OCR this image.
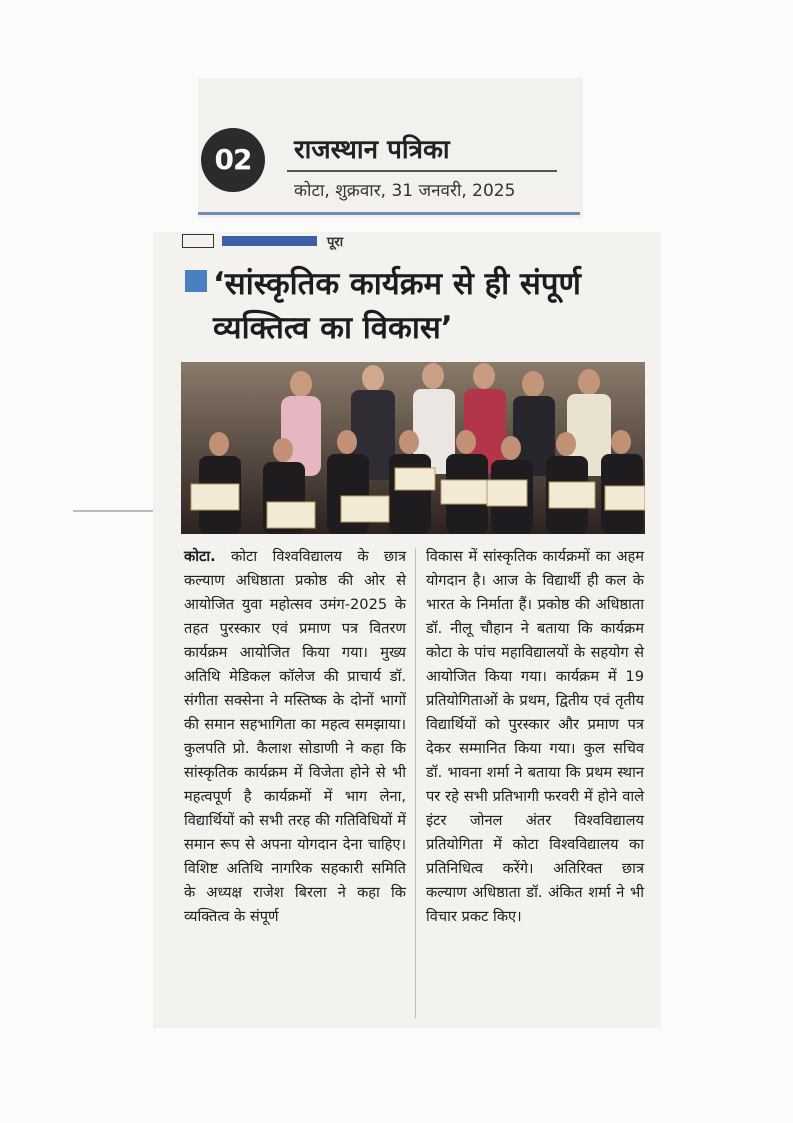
02	राजस्थान पत्रिका
कोटा, शुक्रवार, 31 जनवरी, 2025
पूरा
‘सांस्कृतिक कार्यक्रम से ही संपूर्ण व्यक्तित्व का विकास’
कोटा. कोटा विश्वविद्यालय के छात्र कल्याण अधिष्ठाता प्रकोष्ठ की ओर से आयोजित युवा महोत्सव उमंग-2025 के तहत पुरस्कार एवं प्रमाण पत्र वितरण कार्यक्रम आयोजित किया गया। मुख्य अतिथि मेडिकल कॉलेज की प्राचार्य डॉ. संगीता सक्सेना ने मस्तिष्क के दोनों भागों की समान सहभागिता का महत्व समझाया। कुलपति प्रो. कैलाश सोडाणी ने कहा कि सांस्कृतिक कार्यक्रम में विजेता होने से भी महत्वपूर्ण है कार्यक्रमों में भाग लेना, विद्यार्थियों को सभी तरह की गतिविधियों में समान रूप से अपना योगदान देना चाहिए। विशिष्ट अतिथि नागरिक सहकारी समिति के अध्यक्ष राजेश बिरला ने कहा कि व्यक्तित्व के संपूर्ण
विकास में सांस्कृतिक कार्यक्रमों का अहम योगदान है। आज के विद्यार्थी ही कल के भारत के निर्माता हैं। प्रकोष्ठ की अधिष्ठाता डॉ. नीलू चौहान ने बताया कि कार्यक्रम कोटा के पांच महाविद्यालयों के सहयोग से आयोजित किया गया। कार्यक्रम में 19 प्रतियोगिताओं के प्रथम, द्वितीय एवं तृतीय विद्यार्थियों को पुरस्कार और प्रमाण पत्र देकर सम्मानित किया गया। कुल सचिव डॉ. भावना शर्मा ने बताया कि प्रथम स्थान पर रहे सभी प्रतिभागी फरवरी में होने वाले इंटर जोनल अंतर विश्वविद्यालय प्रतियोगिता में कोटा विश्वविद्यालय का प्रतिनिधित्व करेंगे। अतिरिक्त छात्र कल्याण अधिष्ठाता डॉ. अंकित शर्मा ने भी विचार प्रकट किए।
